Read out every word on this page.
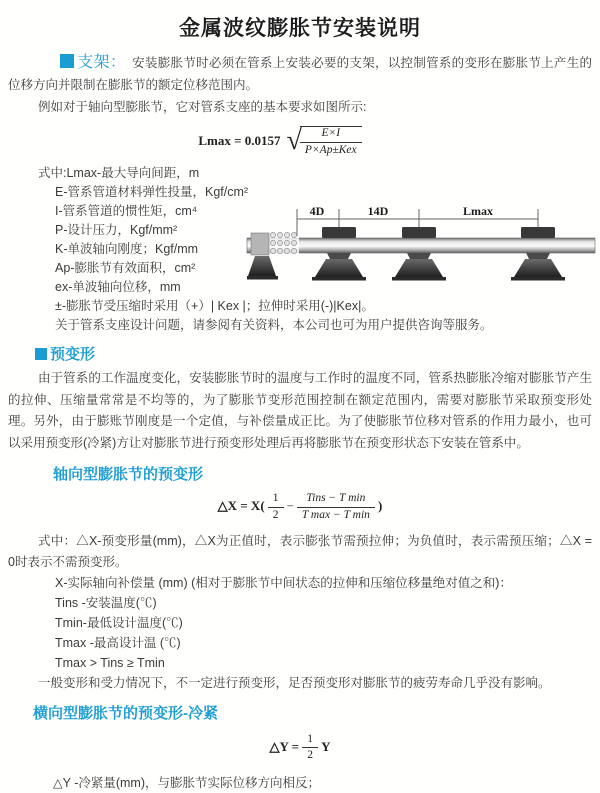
金属波纹膨胀节安装说明

支架： 安装膨胀节时必须在管系上安装必要的支架，以控制管系的变形在膨胀节上产生的位移方向并限制在膨胀节的额定位移范围内。

例如对于轴向型膨胀节，它对管系支座的基本要求如图所示:

Lmax = 0.0157 √
$\frac{E\times I}{\text{P×Ap±Kex}}$
式中:Lmax-最大导向间距，m
E-管系管道材料弹性投量，Kgf/cm²
I-管系管道的惯性矩，cm⁴
P-设计压力，Kgf/mm²
K-单波轴向刚度；Kgf/mm
Ap-膨胀节有效面积，cm²
ex-单波轴向位移，mm
±-膨胀节受压缩时采用（+）| Kex |；拉伸时采用(-)|Kex|。
关于管系支座设计问题，请参阅有关资料，本公司也可为用户提供咨询等服务。
4D	14D	Lmax
预变形

由于管系的工作温度变化，安装膨胀节时的温度与工作时的温度不同，管系热膨胀冷缩对膨胀节产生的拉伸、压缩量常常是不均等的，为了膨胀节变形范围控制在额定范围内，需要对膨胀节采取预变形处理。另外，由于膨账节刚度是一个定值，与补偿量成正比。为了使膨胀节位移对管系的作用力最小，也可以采用预变形(冷紧)方让对膨胀节进行预变形处理后再将膨胀节在预变形状态下安装在管系中。

轴向型膨胀节的预变形
△X = $X( \frac{1}{2} - \frac{\text{Tins − T min}}{\text{T max − T min}}$ )

式中：△X-预变形量(mm)，△X为正值时，表示膨张节需预拉伸；为负值时，表示需预压缩；△X = 0时表示不需预变形。

X-实际轴向补偿量 (mm) (相对于膨胀节中间状态的拉伸和压缩位移量绝对值之和)：
Tins -安装温度(℃)
Tmin-最低设计温度(℃)
Tmax -最高设计温 (℃)
Tmax > Tins ≥ Tmin

一般变形和受力情况下，不一定进行预变形，足否预变形对膨胀节的疲劳寿命几乎没有影响。

横向型膨胀节的预变形-冷紧
△Y = $\frac{1}{2}$ Y

△Y -冷紧量(mm)，与膨胀节实际位移方向相反；
